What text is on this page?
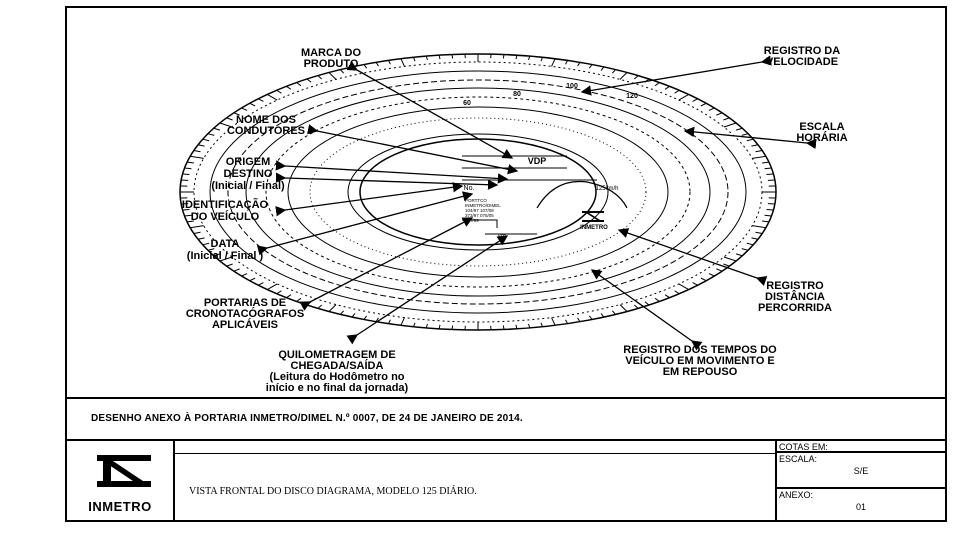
100
120
80
60
VDP
125km/h
No.
km
INMETRO
PORTTCO
INMETRO/DIMEL
104/97 107/08
373/97 075/05
167/99
MARCA DO PRODUTO
REGISTRO DA VELOCIDADE
NOME DOS CONDUTORES	ESCALA HORÁRIA
ORIGEM DESTINO (Inicial / Final)
IDENTIFICAÇÃO DO VEÍCULO
DATA (Inicial / Final )
REGISTRO DISTÂNCIA PERCORRIDA
PORTARIAS DE CRONOTACÓGRAFOS APLICÁVEIS
REGISTRO DOS TEMPOS DO VEÍCULO EM MOVIMENTO E EM REPOUSO
QUILOMETRAGEM DE CHEGADA/SAÍDA (Leitura do Hodômetro no início e no final da jornada)
DESENHO ANEXO À PORTARIA INMETRO/DIMEL N.º 0007, DE 24 DE JANEIRO DE 2014.
INMETRO
VISTA FRONTAL DO DISCO DIAGRAMA, MODELO 125 DIÁRIO.
COTAS EM:
ESCALA:
S/E
ANEXO:
01
